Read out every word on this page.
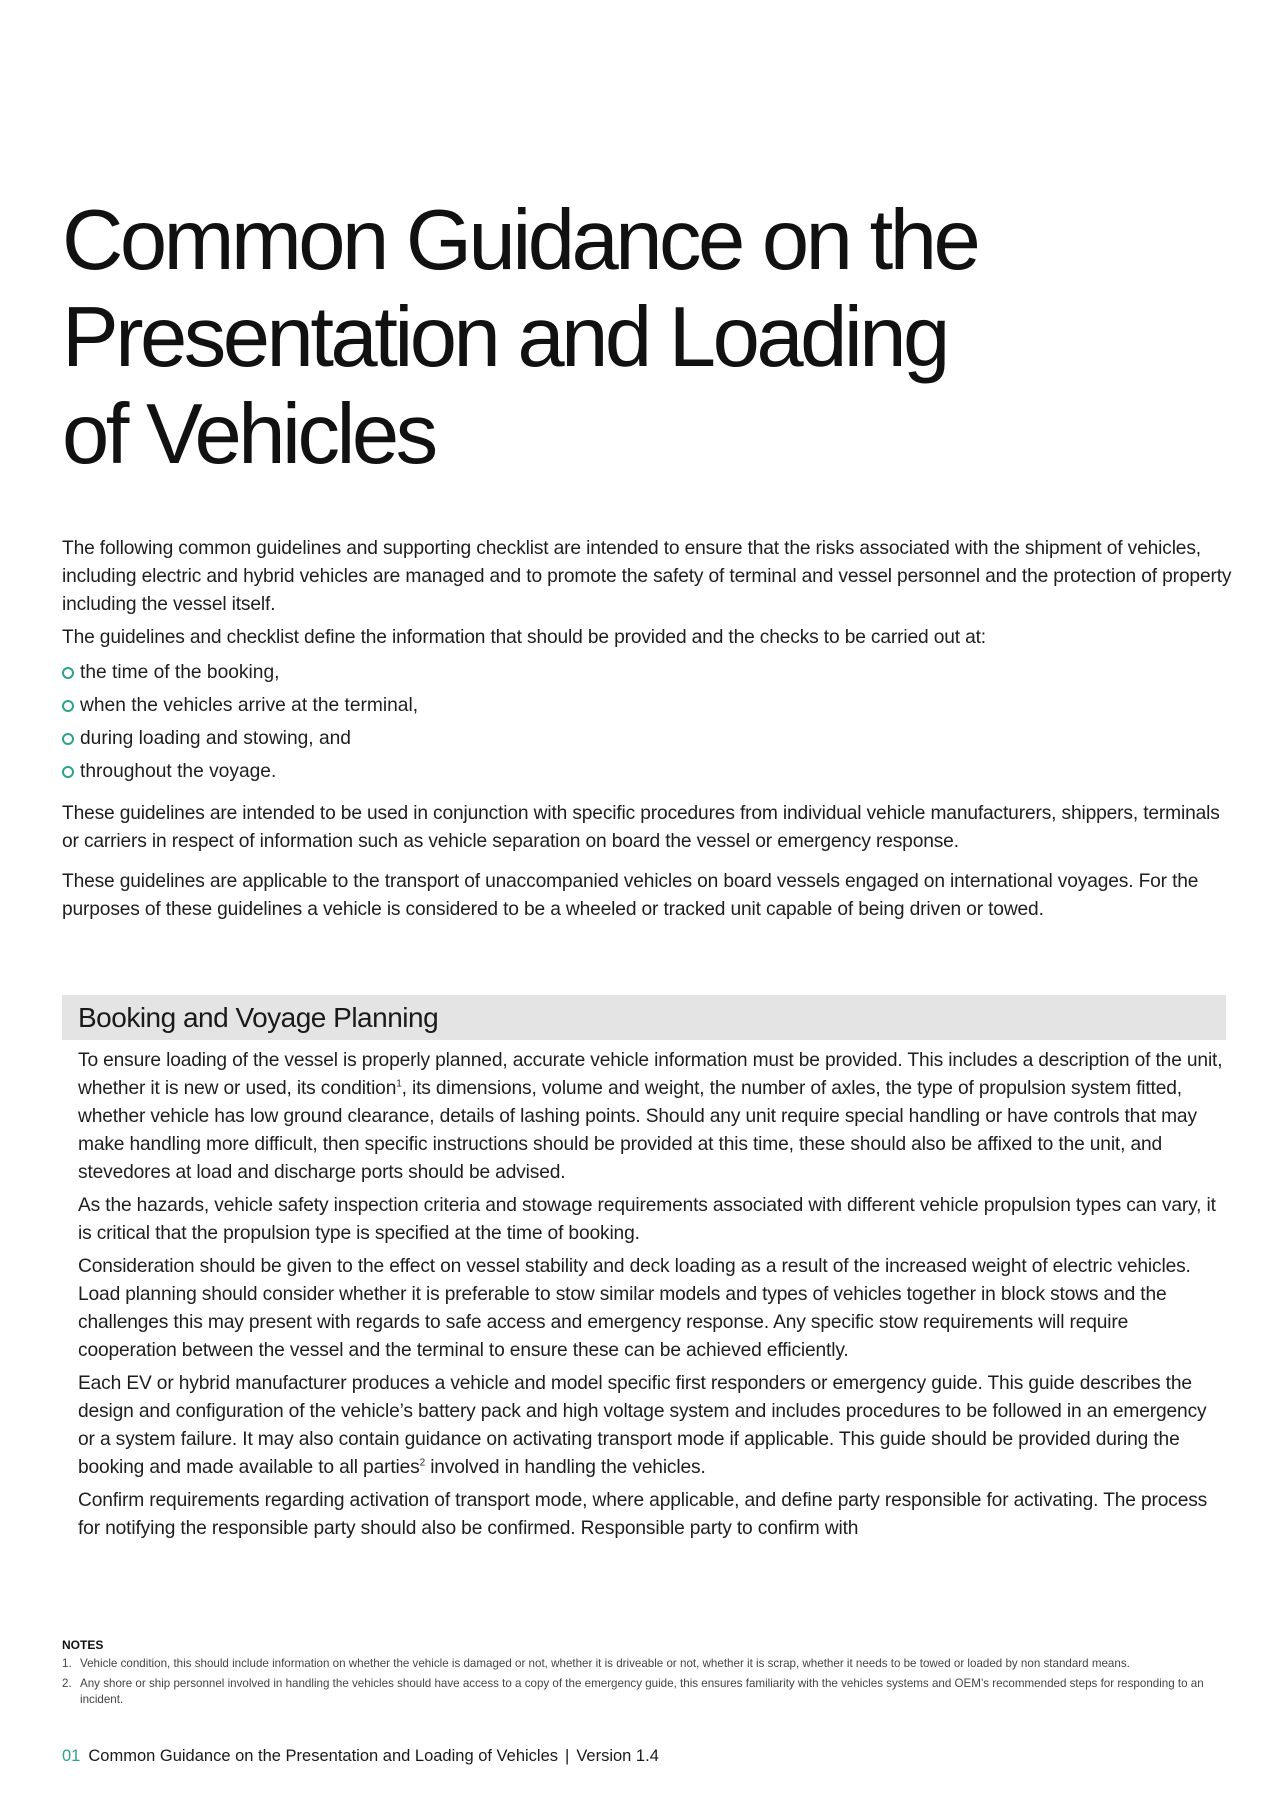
Common Guidance on the
Presentation and Loading
of Vehicles

The following common guidelines and supporting checklist are intended to ensure that the risks associated with the shipment of vehicles, including electric and hybrid vehicles are managed and to promote the safety of terminal and vessel personnel and the protection of property including the vessel itself.

The guidelines and checklist define the information that should be provided and the checks to be carried out at:

the time of the booking,
when the vehicles arrive at the terminal,
during loading and stowing, and
throughout the voyage.

These guidelines are intended to be used in conjunction with specific procedures from individual vehicle manufacturers, shippers, terminals or carriers in respect of information such as vehicle separation on board the vessel or emergency response.

These guidelines are applicable to the transport of unaccompanied vehicles on board vessels engaged on international voyages. For the purposes of these guidelines a vehicle is considered to be a wheeled or tracked unit capable of being driven or towed.

Booking and Voyage Planning

To ensure loading of the vessel is properly planned, accurate vehicle information must be provided. This includes a description of the unit, whether it is new or used, its condition$^1$, its dimensions, volume and weight, the number of axles, the type of propulsion system fitted, whether vehicle has low ground clearance, details of lashing points. Should any unit require special handling or have controls that may make handling more difficult, then specific instructions should be provided at this time, these should also be affixed to the unit, and stevedores at load and discharge ports should be advised.

As the hazards, vehicle safety inspection criteria and stowage requirements associated with different vehicle propulsion types can vary, it is critical that the propulsion type is specified at the time of booking.

Consideration should be given to the effect on vessel stability and deck loading as a result of the increased weight of electric vehicles. Load planning should consider whether it is preferable to stow similar models and types of vehicles together in block stows and the challenges this may present with regards to safe access and emergency response. Any specific stow requirements will require cooperation between the vessel and the terminal to ensure these can be achieved efficiently.

Each EV or hybrid manufacturer produces a vehicle and model specific first responders or emergency guide. This guide describes the design and configuration of the vehicle’s battery pack and high voltage system and includes procedures to be followed in an emergency or a system failure. It may also contain guidance on activating transport mode if applicable. This guide should be provided during the booking and made available to all parties$^2$ involved in handling the vehicles.

Confirm requirements regarding activation of transport mode, where applicable, and define party responsible for activating. The process for notifying the responsible party should also be confirmed. Responsible party to confirm with

NOTES

1. Vehicle condition, this should include information on whether the vehicle is damaged or not, whether it is driveable or not, whether it is scrap, whether it needs to be towed or loaded by non standard means.
2. Any shore or ship personnel involved in handling the vehicles should have access to a copy of the emergency guide, this ensures familiarity with the vehicles systems and OEM’s recommended steps for responding to an incident.
01 Common Guidance on the Presentation and Loading of Vehicles | Version 1.4
